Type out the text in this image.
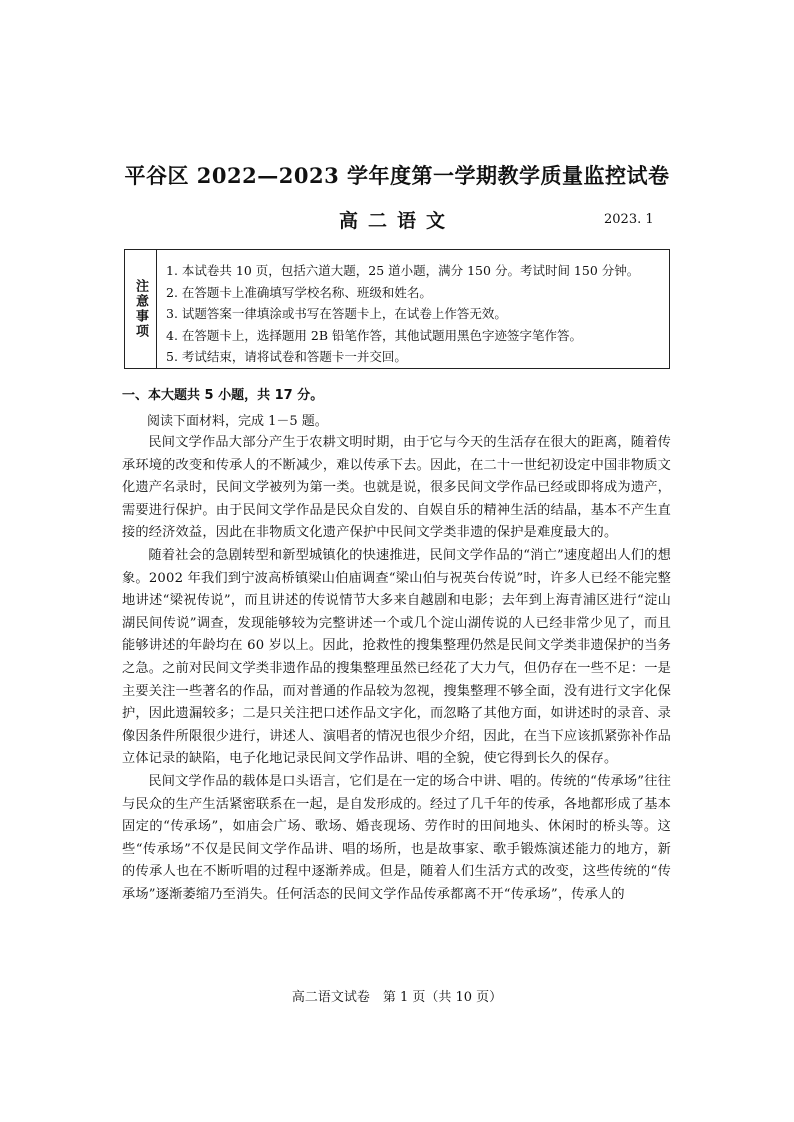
平谷区 2022—2023 学年度第一学期教学质量监控试卷
高二语文	2023. 1
注意事项
1. 本试卷共 10 页，包括六道大题，25 道小题，满分 150 分。考试时间 150 分钟。
2. 在答题卡上准确填写学校名称、班级和姓名。
3. 试题答案一律填涂或书写在答题卡上，在试卷上作答无效。
4. 在答题卡上，选择题用 2B 铅笔作答，其他试题用黑色字迹签字笔作答。
5. 考试结束，请将试卷和答题卡一并交回。
一、本大题共 5 小题，共 17 分。
阅读下面材料，完成 1－5 题。

民间文学作品大部分产生于农耕文明时期，由于它与今天的生活存在很大的距离，随着传承环境的改变和传承人的不断减少，难以传承下去。因此，在二十一世纪初设定中国非物质文化遗产名录时，民间文学被列为第一类。也就是说，很多民间文学作品已经或即将成为遗产，需要进行保护。由于民间文学作品是民众自发的、自娱自乐的精神生活的结晶，基本不产生直接的经济效益，因此在非物质文化遗产保护中民间文学类非遗的保护是难度最大的。

随着社会的急剧转型和新型城镇化的快速推进，民间文学作品的“消亡”速度超出人们的想象。2002 年我们到宁波高桥镇梁山伯庙调查“梁山伯与祝英台传说”时，许多人已经不能完整地讲述“梁祝传说”，而且讲述的传说情节大多来自越剧和电影；去年到上海青浦区进行“淀山湖民间传说”调查，发现能够较为完整讲述一个或几个淀山湖传说的人已经非常少见了，而且能够讲述的年龄均在 60 岁以上。因此，抢救性的搜集整理仍然是民间文学类非遗保护的当务之急。之前对民间文学类非遗作品的搜集整理虽然已经花了大力气，但仍存在一些不足：一是主要关注一些著名的作品，而对普通的作品较为忽视，搜集整理不够全面，没有进行文字化保护，因此遗漏较多；二是只关注把口述作品文字化，而忽略了其他方面，如讲述时的录音、录像因条件所限很少进行，讲述人、演唱者的情况也很少介绍，因此，在当下应该抓紧弥补作品立体记录的缺陷，电子化地记录民间文学作品讲、唱的全貌，使它得到长久的保存。

民间文学作品的载体是口头语言，它们是在一定的场合中讲、唱的。传统的“传承场”往往与民众的生产生活紧密联系在一起，是自发形成的。经过了几千年的传承，各地都形成了基本固定的“传承场”，如庙会广场、歌场、婚丧现场、劳作时的田间地头、休闲时的桥头等。这些“传承场”不仅是民间文学作品讲、唱的场所，也是故事家、歌手锻炼演述能力的地方，新的传承人也在不断听唱的过程中逐渐养成。但是，随着人们生活方式的改变，这些传统的“传承场”逐渐萎缩乃至消失。任何活态的民间文学作品传承都离不开“传承场”，传承人的

高二语文试卷　第 1 页（共 10 页）
